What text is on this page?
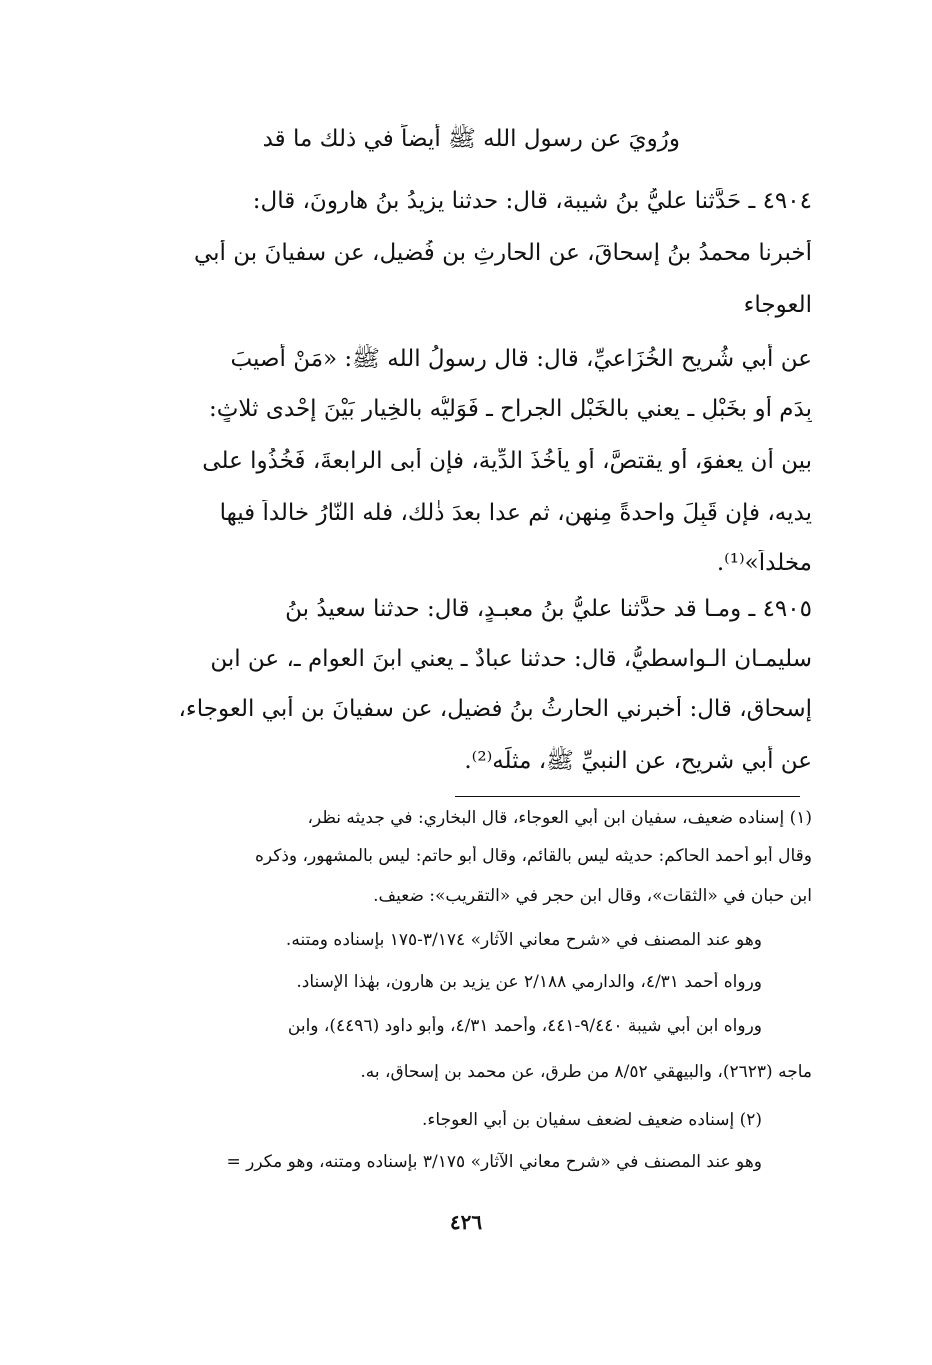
ورُويَ عن رسول الله ﷺ أيضاً في ذلك ما قد
٤٩٠٤ ـ حَدَّثنا عليُّ بنُ شيبة، قال: حدثنا يزيدُ بنُ هارونَ، قال:
أخبرنا محمدُ بنُ إسحاقَ، عن الحارثِ بنِ فُضيل، عن سفيانَ بنِ أبي
العوجاء
عن أبي شُريح الخُزَاعيِّ، قال: قال رسولُ الله ﷺ: «مَنْ أُصيبَ
بِدَمٍ أو بخَبْلٍ ـ يعني بالخَبْل الجراح ـ فَوَليُّه بالخِيارِ بَيْنَ إحْدى ثلاثٍ:
بين أن يعفوَ، أو يقتصَّ، أو يأْخُذَ الدِّية، فإن أبى الرابعةَ، فَخُذُوا على
يديه، فإن قَبِلَ واحدةً مِنهن، ثم عدا بعدَ ذٰلك، فله النّارُ خالداً فيها
مخلداً»⁽¹⁾.
٤٩٠٥ ـ ومـا قد حدَّثنا عليُّ بنُ معبـدٍ، قال: حدثنا سعيدُ بنُ
سليمـان الـواسطيُّ، قال: حدثنا عبادٌ ـ يعني ابنَ العوام ـ، عن ابنِ
إسحاق، قال: أخبرني الحارثُ بنُ فضيل، عن سفيانَ بنِ أبي العوجاء،
عن أبي شريح، عن النبيِّ ﷺ، مثلَه⁽²⁾.
(١) إسناده ضعيف، سفيان ابن أبي العوجاء، قال البخاري: في جديثه نظر،
وقال أبو أحمد الحاكم: حديثه ليس بالقائم، وقال أبو حاتم: ليس بالمشهور، وذكره
ابن حبان في «الثقات»، وقال ابن حجر في «التقريب»: ضعيف.
وهو عند المصنف في «شرح معاني الآثار» ٣/١٧٤-١٧٥ بإسناده ومتنه.
ورواه أحمد ٤/٣١، والدارمي ٢/١٨٨ عن يزيد بن هارون، بهٰذا الإسناد.
ورواه ابن أبي شيبة ٩/٤٤٠-٤٤١، وأحمد ٤/٣١، وأبو داود (٤٤٩٦)، وابن
ماجه (٢٦٢٣)، والبيهقي ٨/٥٢ من طرق، عن محمد بن إسحاق، به.
(٢) إسناده ضعيف لضعف سفيان بن أبي العوجاء.
وهو عند المصنف في «شرح معاني الآثار» ٣/١٧٥ بإسناده ومتنه، وهو مكرر =
٤٢٦
